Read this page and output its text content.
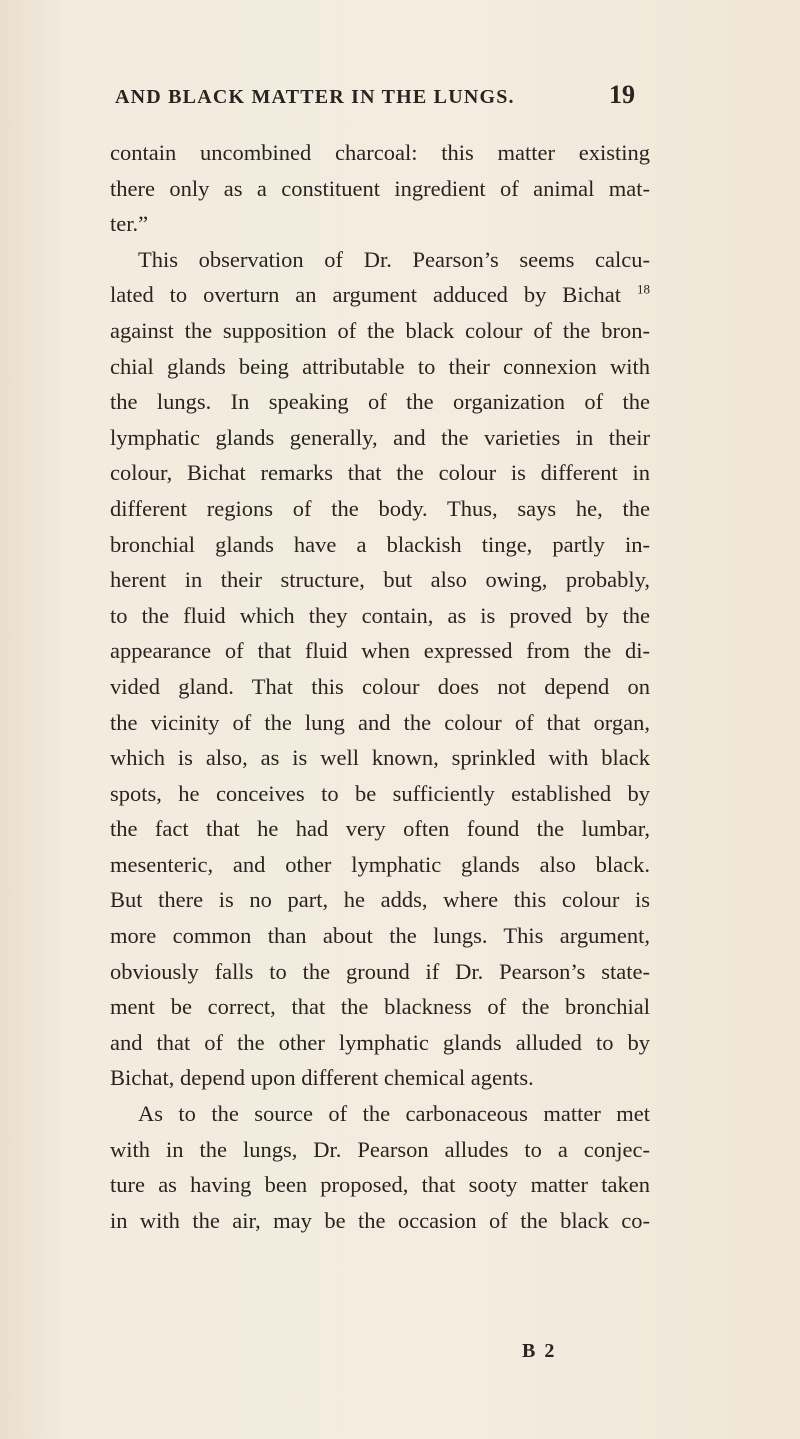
AND BLACK MATTER IN THE LUNGS.	19
contain uncombined charcoal: this matter existing
there only as a constituent ingredient of animal mat-
ter.”
This observation of Dr. Pearson’s seems calcu-
lated to overturn an argument adduced by Bichat $^{18}$
against the supposition of the black colour of the bron-
chial glands being attributable to their connexion with
the lungs. In speaking of the organization of the
lymphatic glands generally, and the varieties in their
colour, Bichat remarks that the colour is different in
different regions of the body. Thus, says he, the
bronchial glands have a blackish tinge, partly in-
herent in their structure, but also owing, probably,
to the fluid which they contain, as is proved by the
appearance of that fluid when expressed from the di-
vided gland. That this colour does not depend on
the vicinity of the lung and the colour of that organ,
which is also, as is well known, sprinkled with black
spots, he conceives to be sufficiently established by
the fact that he had very often found the lumbar,
mesenteric, and other lymphatic glands also black.
But there is no part, he adds, where this colour is
more common than about the lungs. This argument,
obviously falls to the ground if Dr. Pearson’s state-
ment be correct, that the blackness of the bronchial
and that of the other lymphatic glands alluded to by
Bichat, depend upon different chemical agents.
As to the source of the carbonaceous matter met
with in the lungs, Dr. Pearson alludes to a conjec-
ture as having been proposed, that sooty matter taken
in with the air, may be the occasion of the black co-
B 2
